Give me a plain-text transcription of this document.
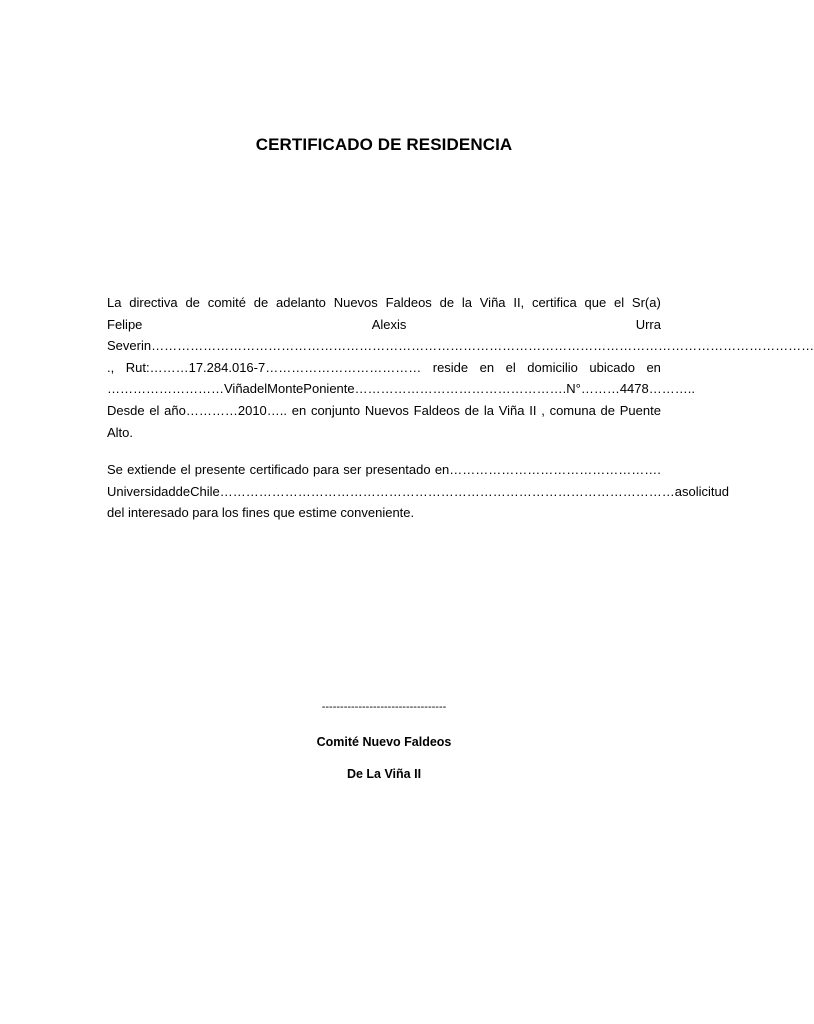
CERTIFICADO DE RESIDENCIA
La directiva de comité de adelanto Nuevos Faldeos de la Viña II, certifica que el Sr(a)
Felipe	Alexis	Urra
Severin………………………………………………………………………………………………………………………………………
., Rut:………17.284.016-7……………………………… reside en el domicilio ubicado en
………………………Viña del Monte Poniente…………………………………………. N°………4478………..
Desde el año…………2010….. en conjunto Nuevos Faldeos de la Viña II , comuna de Puente
Alto.
Se extiende el presente certificado para ser presentado en………………………………………….
Universidad de Chile…………………………………………………………………………………………… a solicitud
del interesado para los fines que estime conveniente.
----------------------------------
Comité Nuevo Faldeos
De La Viña II
